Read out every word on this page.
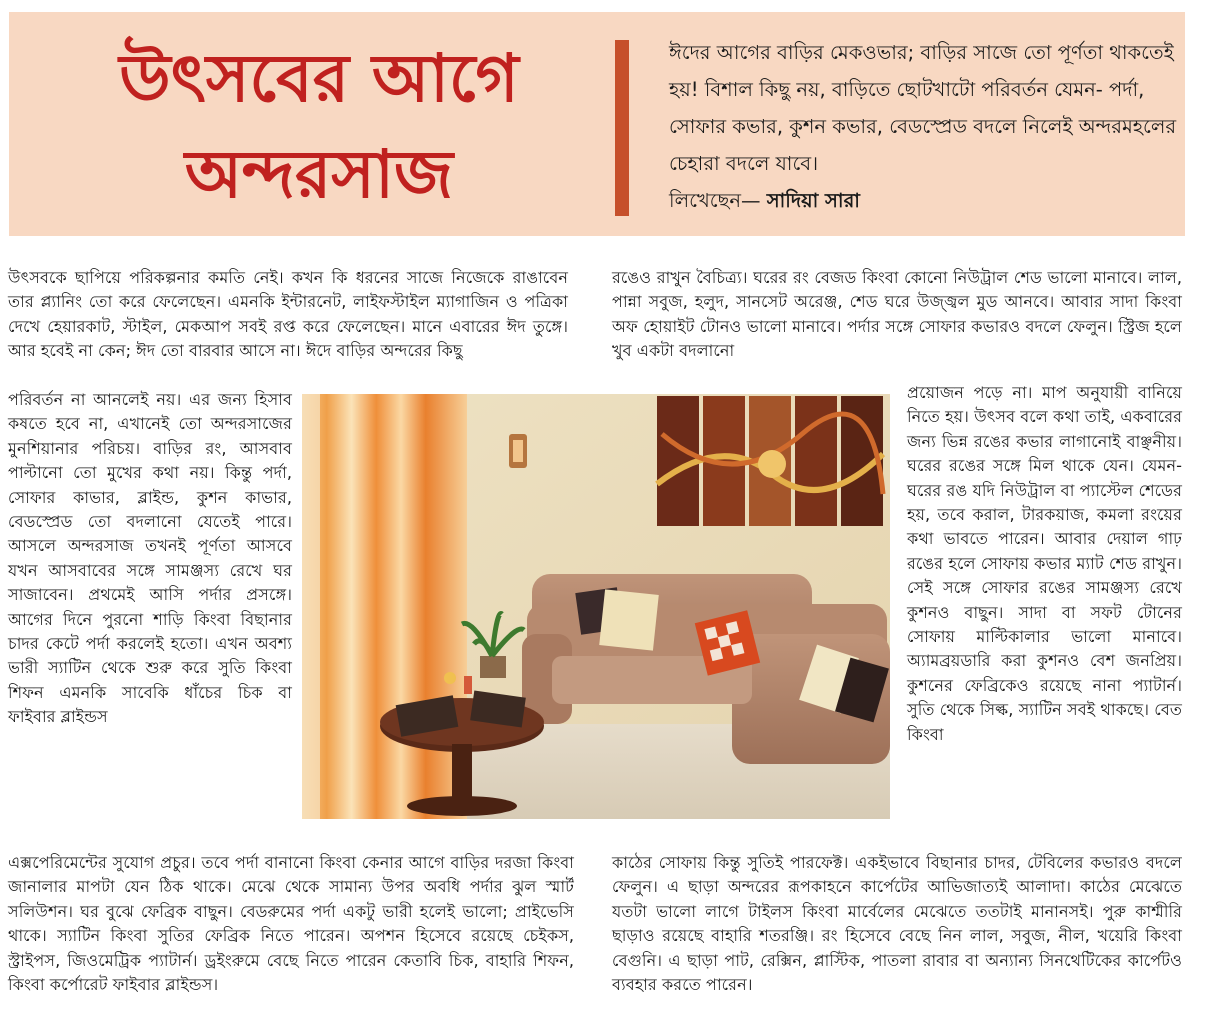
উৎসবের আগে
অন্দরসাজ

ঈদের আগের বাড়ির মেকওভার; বাড়ির সাজে তো পূর্ণতা থাকতেই হয়! বিশাল কিছু নয়, বাড়িতে ছোটখাটো পরিবর্তন যেমন- পর্দা, সোফার কভার, কুশন কভার, বেডস্প্রেড বদলে নিলেই অন্দরমহলের চেহারা বদলে যাবে।

লিখেছেন— সাদিয়া সারা

উৎসবকে ছাপিয়ে পরিকল্পনার কমতি নেই। কখন কি ধরনের সাজে নিজেকে রাঙাবেন তার প্ল্যানিং তো করে ফেলেছেন। এমনকি ইন্টারনেট, লাইফস্টাইল ম্যাগাজিন ও পত্রিকা দেখে হেয়ারকাট, স্টাইল, মেকআপ সবই রপ্ত করে ফেলেছেন। মানে এবারের ঈদ তুঙ্গে। আর হবেই না কেন; ঈদ তো বারবার আসে না। ঈদে বাড়ির অন্দরের কিছু

পরিবর্তন না আনলেই নয়। এর জন্য হিসাব কষতে হবে না, এখানেই তো অন্দরসাজের মুনশিয়ানার পরিচয়। বাড়ির রং, আসবাব পাল্টানো তো মুখের কথা নয়। কিন্তু পর্দা, সোফার কাভার, ব্লাইন্ড, কুশন কাভার, বেডস্প্রেড তো বদলানো যেতেই পারে। আসলে অন্দরসাজ তখনই পূর্ণতা আসবে যখন আসবাবের সঙ্গে সামঞ্জস্য রেখে ঘর সাজাবেন। প্রথমেই আসি পর্দার প্রসঙ্গে। আগের দিনে পুরনো শাড়ি কিংবা বিছানার চাদর কেটে পর্দা করলেই হতো। এখন অবশ্য ভারী স্যাটিন থেকে শুরু করে সুতি কিংবা শিফন এমনকি সাবেকি ধাঁচের চিক বা ফাইবার ব্লাইন্ডস

এক্সপেরিমেন্টের সুযোগ প্রচুর। তবে পর্দা বানানো কিংবা কেনার আগে বাড়ির দরজা কিংবা জানালার মাপটা যেন ঠিক থাকে। মেঝে থেকে সামান্য উপর অবধি পর্দার ঝুল স্মার্ট সলিউশন। ঘর বুঝে ফেব্রিক বাছুন। বেডরুমের পর্দা একটু ভারী হলেই ভালো; প্রাইভেসি থাকে। স্যাটিন কিংবা সুতির ফেব্রিক নিতে পারেন। অপশন হিসেবে রয়েছে চেইকস, স্ট্রাইপস, জিওমেট্রিক প্যাটার্ন। ড্রইংরুমে বেছে নিতে পারেন কেতাবি চিক, বাহারি শিফন, কিংবা কর্পোরেট ফাইবার ব্লাইন্ডস।

রঙেও রাখুন বৈচিত্র্য। ঘরের রং বেজড কিংবা কোনো নিউট্রাল শেড ভালো মানাবে। লাল, পান্না সবুজ, হলুদ, সানসেট অরেঞ্জ, শেড ঘরে উজ্জ্বল মুড আনবে। আবার সাদা কিংবা অফ হোয়াইট টোনও ভালো মানাবে। পর্দার সঙ্গে সোফার কভারও বদলে ফেলুন। স্ট্রিজ হলে খুব একটা বদলানো

প্রয়োজন পড়ে না। মাপ অনুযায়ী বানিয়ে নিতে হয়। উৎসব বলে কথা তাই, একবারের জন্য ভিন্ন রঙের কভার লাগানোই বাঞ্ছনীয়। ঘরের রঙের সঙ্গে মিল থাকে যেন। যেমন- ঘরের রঙ যদি নিউট্রাল বা প্যাস্টেল শেডের হয়, তবে করাল, টারকয়াজ, কমলা রংয়ের কথা ভাবতে পারেন। আবার দেয়াল গাঢ় রঙের হলে সোফায় কভার ম্যাট শেড রাখুন। সেই সঙ্গে সোফার রঙের সামঞ্জস্য রেখে কুশনও বাছুন। সাদা বা সফট টোনের সোফায় মাল্টিকালার ভালো মানাবে। অ্যামব্রয়ডারি করা কুশনও বেশ জনপ্রিয়। কুশনের ফেব্রিকেও রয়েছে নানা প্যাটার্ন। সুতি থেকে সিল্ক, স্যাটিন সবই থাকছে। বেত কিংবা

কাঠের সোফায় কিন্তু সুতিই পারফেক্ট। একইভাবে বিছানার চাদর, টেবিলের কভারও বদলে ফেলুন। এ ছাড়া অন্দরের রূপকাহনে কার্পেটের আভিজাত্যই আলাদা। কাঠের মেঝেতে যতটা ভালো লাগে টাইলস কিংবা মার্বেলের মেঝেতে ততটাই মানানসই। পুরু কাশ্মীরি ছাড়াও রয়েছে বাহারি শতরঞ্জি। রং হিসেবে বেছে নিন লাল, সবুজ, নীল, খয়েরি কিংবা বেগুনি। এ ছাড়া পাট, রেক্সিন, প্লাস্টিক, পাতলা রাবার বা অন্যান্য সিনথেটিকের কার্পেটও ব্যবহার করতে পারেন।
